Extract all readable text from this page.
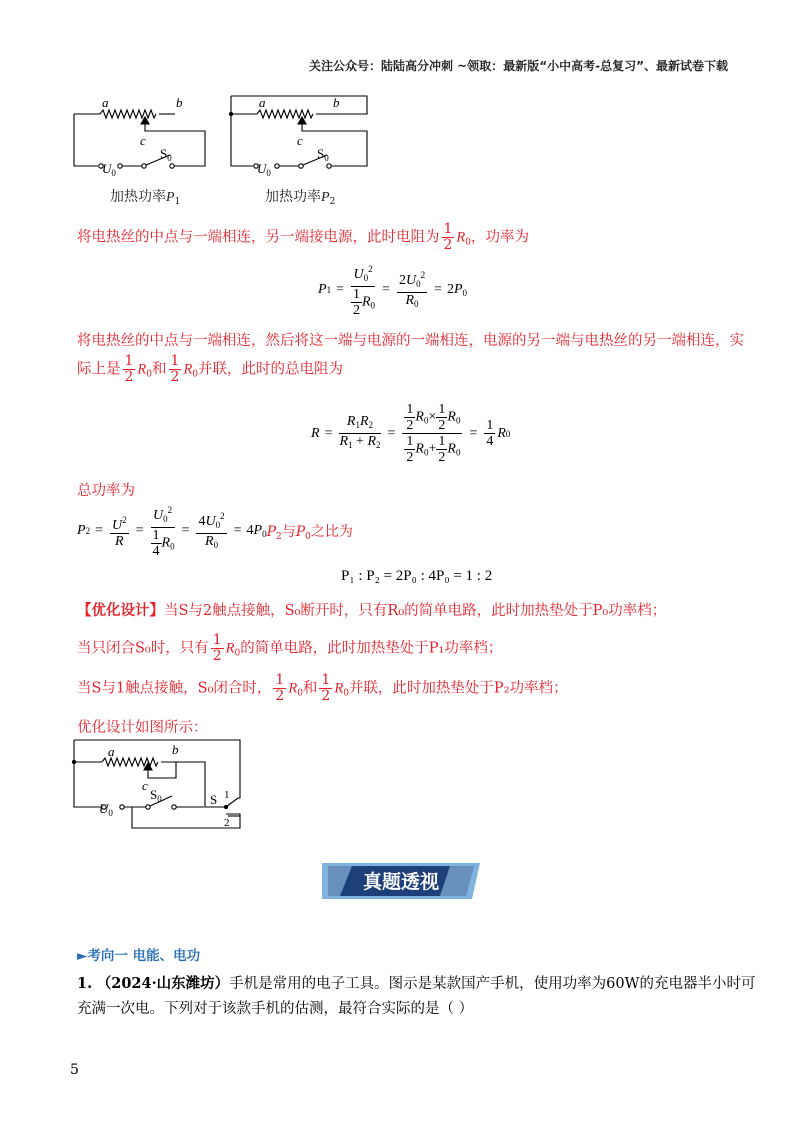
关注公众号：陆陆高分冲刺 ~领取：最新版“小中高考-总复习”、最新试卷下载
a	b
c
$U_0$
$S_0$
加热功率$P_1$
a	b
c
$U_0$
$S_0$
加热功率$P_2$
将电热丝的中点与一端相连，另一端接电源，此时电阻为 $\frac{1}{2} R_0$，功率为
P $1 = \frac{U_0^2}{\frac{1}{2} R_0} = \frac{2U_0^2}{R_0} = 2P_0$
将电热丝的中点与一端相连，然后将这一端与电源的一端相连，电源的另一端与电热丝的另一端相连，实
际上是 $\frac{1}{2} R_0$和 $\frac{1}{2} R_0$并联，此时的总电阻为
$R = \frac{R_1R_2}{R_1 + R_2} = \frac{\frac{1}{2} R_0\times \frac{1}{2} R_0}{\frac{1}{2} R_0+ \frac{1}{2} R_0} = \frac{1}{4}$ R 0
总功率为
P $2 = \frac{U^2}{R} = \frac{U_0^2}{\frac{1}{4} R_0} = \frac{4U_0^2}{R_0} = 4P_0$ $P_2$与$P_0$之比为
P₁ : P₂ = 2P₀ : 4P₀ = 1 : 2
【优化设计】当S与2触点接触，S₀断开时，只有R₀的简单电路，此时加热垫处于P₀功率档；
当只闭合S₀时，只有 $\frac{1}{2} R_0$的简单电路，此时加热垫处于P₁功率档；
当S与1触点接触，S₀闭合时， $\frac{1}{2} R_0$和 $\frac{1}{2} R_0$并联，此时加热垫处于P₂功率档；
优化设计如图所示：
a	b
c
$U_0$
$S_0$	S 1
2
真题透视
►考向一 电能、电功
1. （2024·山东潍坊）手机是常用的电子工具。图示是某款国产手机，使用功率为60W的充电器半小时可
充满一次电。下列对于该款手机的估测，最符合实际的是（ ）
5
